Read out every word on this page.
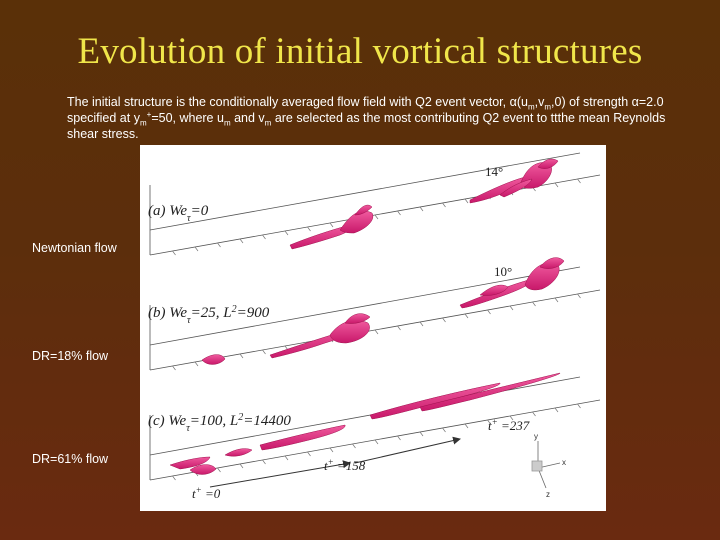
Evolution of initial vortical structures
The initial structure is the conditionally averaged flow field with Q2 event vector, $\alpha(u_m,v_m,0)$ of strength α=2.0 specified at $y_m^+=50$, where $u_m$ and $v_m$ are selected as the most contributing Q2 event to ttthe mean Reynolds shear stress.
(a) $We_\tau=0$
(b) $We_\tau=25$, $L^2=900$
(c) $We_\tau=100$, $L^2=14400$
14°
10°
t+ =0
t+ =158
t+ =237
y
x
z
Newtonian flow
DR=18% flow
DR=61% flow
